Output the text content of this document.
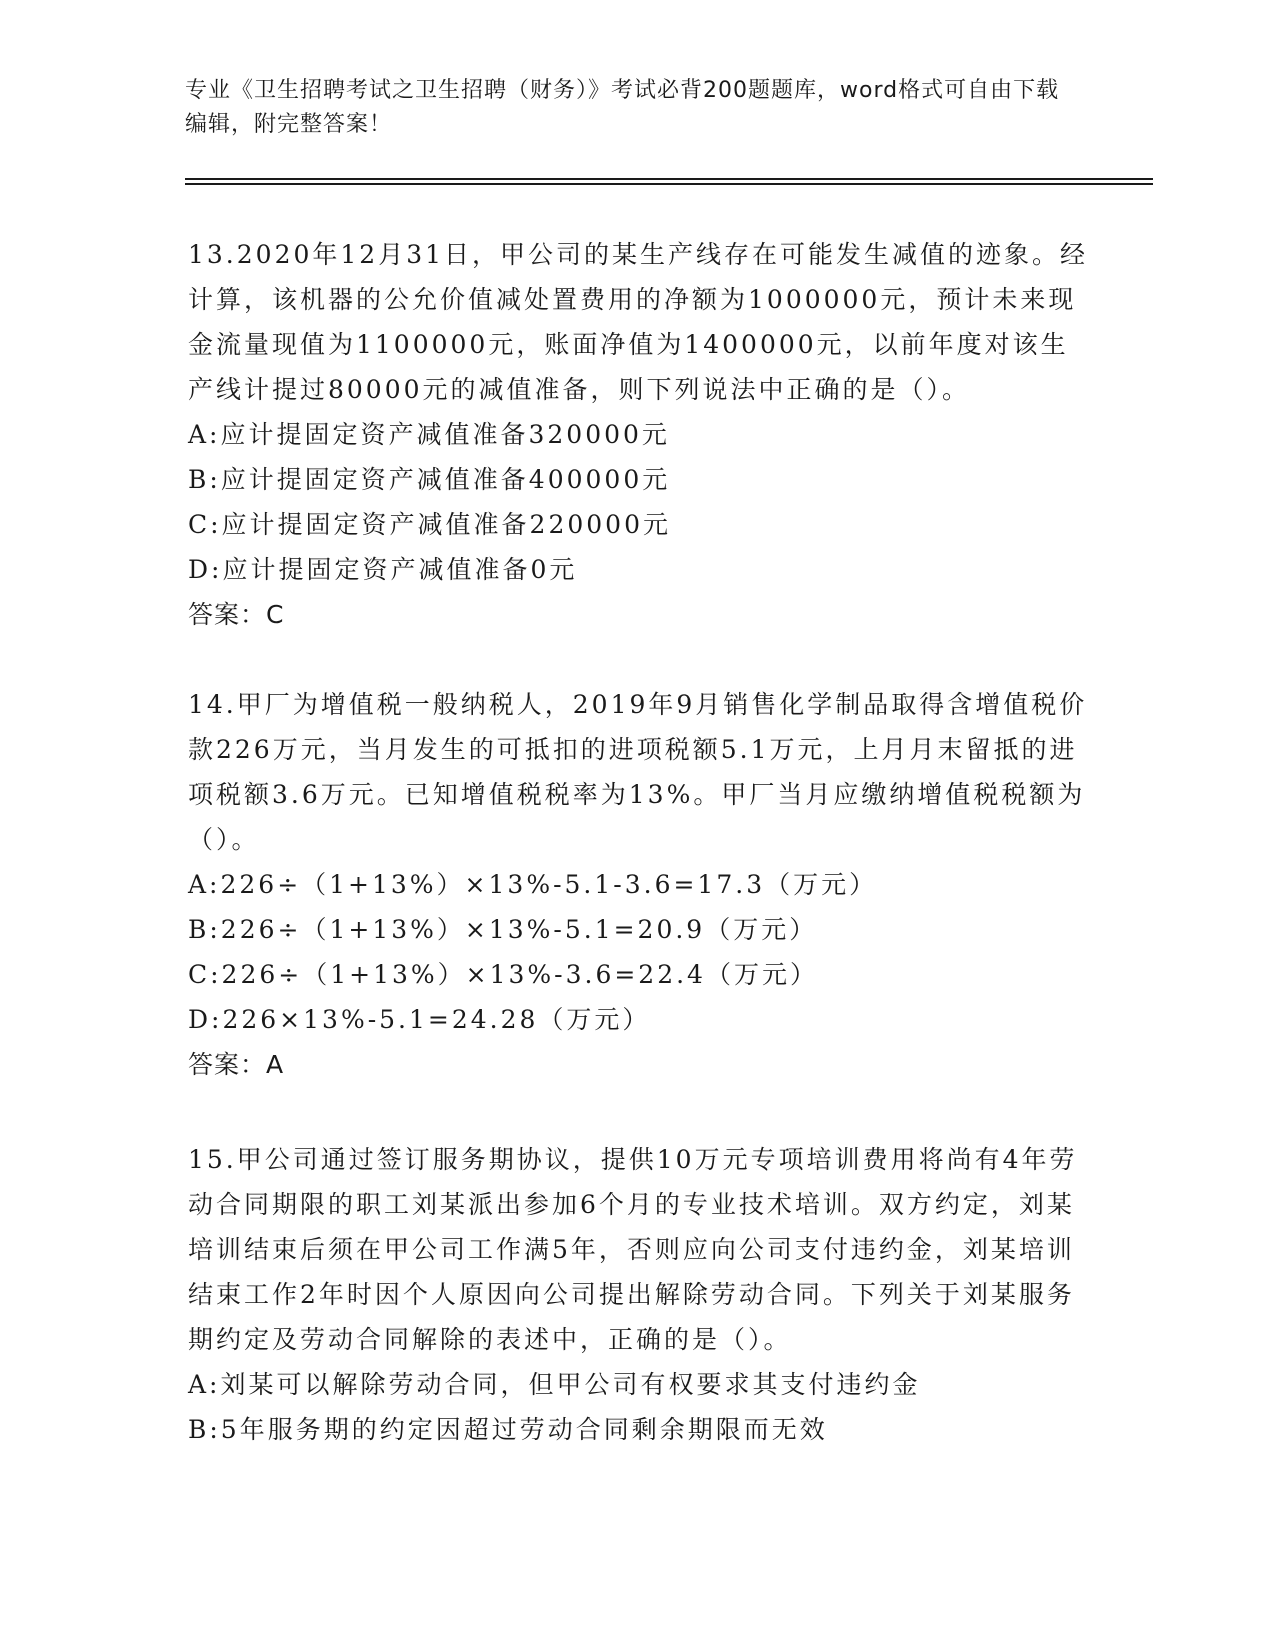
专业《卫生招聘考试之卫生招聘（财务）》考试必背200题题库，word格式可自由下载编辑，附完整答案！
13.2020年12月31日，甲公司的某生产线存在可能发生减值的迹象。经计算，该机器的公允价值减处置费用的净额为1000000元，预计未来现金流量现值为1100000元，账面净值为1400000元，以前年度对该生产线计提过80000元的减值准备，则下列说法中正确的是（）。
A:应计提固定资产减值准备320000元
B:应计提固定资产减值准备400000元
C:应计提固定资产减值准备220000元
D:应计提固定资产减值准备0元
答案：C
14.甲厂为增值税一般纳税人，2019年9月销售化学制品取得含增值税价款226万元，当月发生的可抵扣的进项税额5.1万元，上月月末留抵的进项税额3.6万元。已知增值税税率为13%。甲厂当月应缴纳增值税税额为（）。
A:226÷（1+13%）×13%-5.1-3.6=17.3（万元）
B:226÷（1+13%）×13%-5.1=20.9（万元）
C:226÷（1+13%）×13%-3.6=22.4（万元）
D:226×13%-5.1=24.28（万元）
答案：A
15.甲公司通过签订服务期协议，提供10万元专项培训费用将尚有4年劳动合同期限的职工刘某派出参加6个月的专业技术培训。双方约定，刘某培训结束后须在甲公司工作满5年，否则应向公司支付违约金，刘某培训结束工作2年时因个人原因向公司提出解除劳动合同。下列关于刘某服务期约定及劳动合同解除的表述中，正确的是（）。
A:刘某可以解除劳动合同，但甲公司有权要求其支付违约金
B:5年服务期的约定因超过劳动合同剩余期限而无效
